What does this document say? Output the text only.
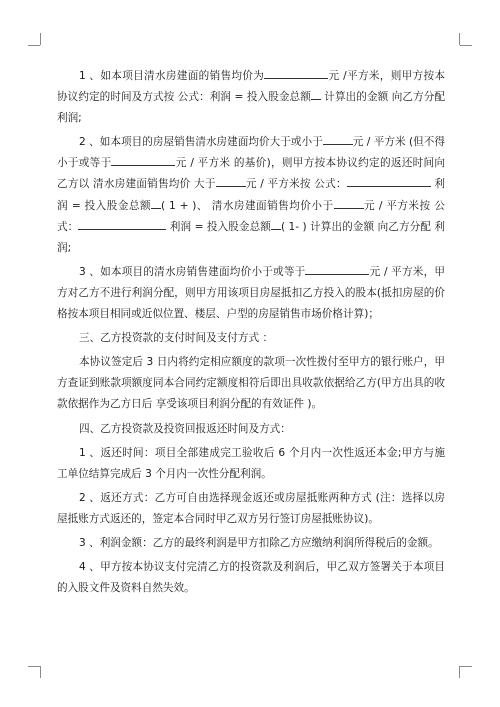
1 、如本项目清水房建面的销售均价为	元 /平方米，则甲方按本 协议约定的时间及方式按 公式：利润 = 投入股金总额 计算出的金额 向乙方分配 利润;

2 、如本项目的房屋销售清水房建面均价大于或小于	元 / 平方米 (但不得小于或等于	元 / 平方米 的基价)，则甲方按本协议约定的返还时间向乙方以 清水房建面销售均价 大于	元 / 平方米按 公式：	利润 = 投入股金总额 ( 1 + )、 清水房建面销售均价小于	元 / 平方米按 公式：	利润 = 投入股金总额 ( 1- ) 计算出的金额 向乙方分配 利润;

3 、如本项目的清水房销售建面均价小于或等于	元 / 平方米，甲方对乙方不进行利润分配，则甲方用该项目房屋抵扣乙方投入的股本(抵扣房屋的价格按本项目相同或近似位置、楼层、户型的房屋销售市场价格计算)；

三、乙方投资款的支付时间及支付方式 ：

本协议签定后 3 日内将约定相应额度的款项一次性拨付至甲方的银行账户，甲方查证到账款项额度同本合同约定额度相符后即出具收款依据给乙方(甲方出具的收款依据作为乙方日后 享受该项目利润分配的有效证件 )。

四、乙方投资款及投资回报返还时间及方式：

1 、返还时间：项目全部建成完工验收后 6 个月内一次性返还本金;甲方与施工单位结算完成后 3 个月内一次性分配利润。

2 、返还方式：乙方可自由选择现金返还或房屋抵账两种方式 (注：选择以房屋抵账方式返还的，签定本合同时甲乙双方另行签订房屋抵账协议)。

3 、利润金额：乙方的最终利润是甲方扣除乙方应缴纳利润所得税后的金额。

4 、甲方按本协议支付完清乙方的投资款及利润后，甲乙双方签署关于本项目的入股文件及资料自然失效。
